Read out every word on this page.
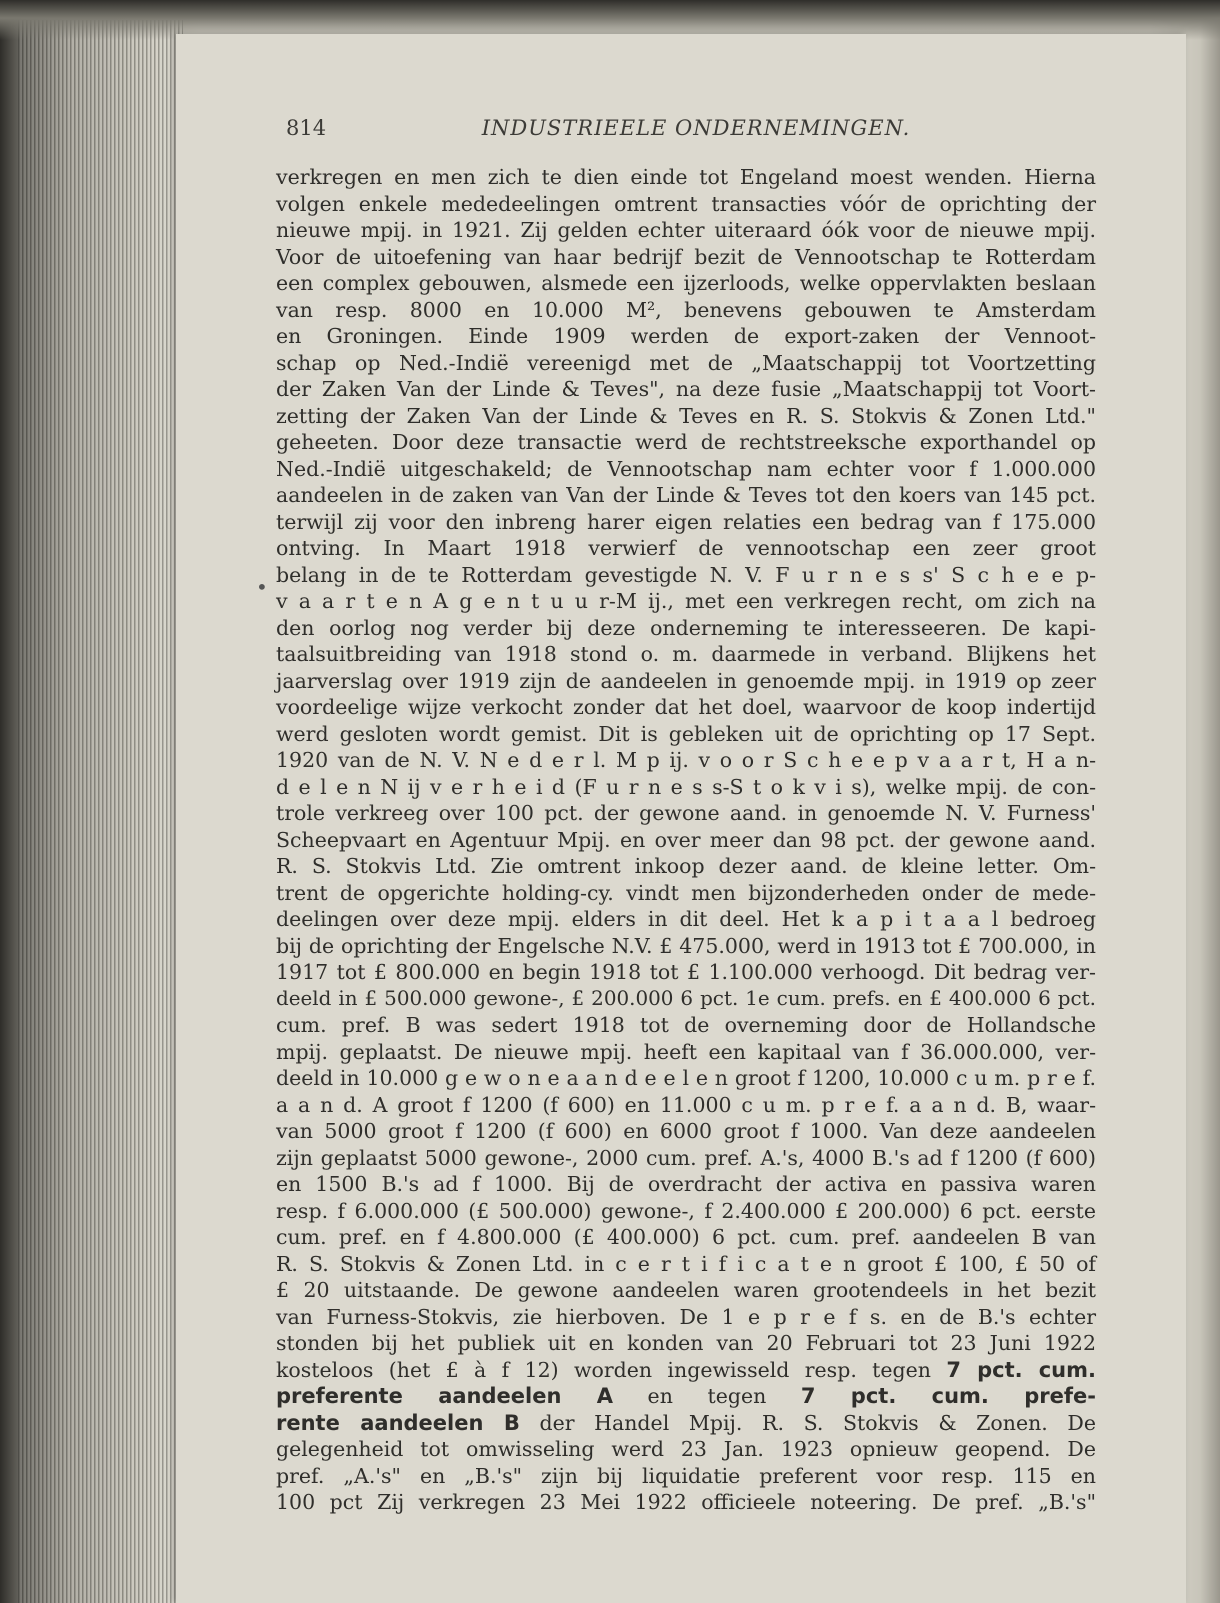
814	INDUSTRIEELE ONDERNEMINGEN.
•
verkregen en men zich te dien einde tot Engeland moest wenden. Hierna
volgen enkele mededeelingen omtrent transacties vóór de oprichting der
nieuwe mpij. in 1921. Zij gelden echter uiteraard óók voor de nieuwe mpij.
Voor de uitoefening van haar bedrijf bezit de Vennootschap te Rotterdam
een complex gebouwen, alsmede een ijzerloods, welke oppervlakten beslaan
van resp. 8000 en 10.000 M², benevens gebouwen te Amsterdam
en Groningen. Einde 1909 werden de export-zaken der Vennoot-
schap op Ned.-Indië vereenigd met de „Maatschappij tot Voortzetting
der Zaken Van der Linde & Teves", na deze fusie „Maatschappij tot Voort-
zetting der Zaken Van der Linde & Teves en R. S. Stokvis & Zonen Ltd."
geheeten. Door deze transactie werd de rechtstreeksche exporthandel op
Ned.-Indië uitgeschakeld; de Vennootschap nam echter voor f 1.000.000
aandeelen in de zaken van Van der Linde & Teves tot den koers van 145 pct.
terwijl zij voor den inbreng harer eigen relaties een bedrag van f 175.000
ontving. In Maart 1918 verwierf de vennootschap een zeer groot
belang in de te Rotterdam gevestigde N. V. F u r n e s s' S c h e e p-
v a a r t e n A g e n t u u r-M ij., met een verkregen recht, om zich na
den oorlog nog verder bij deze onderneming te interesseeren. De kapi-
taalsuitbreiding van 1918 stond o. m. daarmede in verband. Blijkens het
jaarverslag over 1919 zijn de aandeelen in genoemde mpij. in 1919 op zeer
voordeelige wijze verkocht zonder dat het doel, waarvoor de koop indertijd
werd gesloten wordt gemist. Dit is gebleken uit de oprichting op 17 Sept.
1920 van de N. V. N e d e r l. M p ij. v o o r S c h e e p v a a r t, H a n-
d e l e n N ij v e r h e i d (F u r n e s s-S t o k v i s), welke mpij. de con-
trole verkreeg over 100 pct. der gewone aand. in genoemde N. V. Furness'
Scheepvaart en Agentuur Mpij. en over meer dan 98 pct. der gewone aand.
R. S. Stokvis Ltd. Zie omtrent inkoop dezer aand. de kleine letter. Om-
trent de opgerichte holding-cy. vindt men bijzonderheden onder de mede-
deelingen over deze mpij. elders in dit deel. Het k a p i t a a l bedroeg
bij de oprichting der Engelsche N.V. £ 475.000, werd in 1913 tot £ 700.000, in
1917 tot £ 800.000 en begin 1918 tot £ 1.100.000 verhoogd. Dit bedrag ver-
deeld in £ 500.000 gewone-, £ 200.000 6 pct. 1e cum. prefs. en £ 400.000 6 pct.
cum. pref. B was sedert 1918 tot de overneming door de Hollandsche
mpij. geplaatst. De nieuwe mpij. heeft een kapitaal van f 36.000.000, ver-
deeld in 10.000 g e w o n e a a n d e e l e n groot f 1200, 10.000 c u m. p r e f.
a a n d. A groot f 1200 (f 600) en 11.000 c u m. p r e f. a a n d. B, waar-
van 5000 groot f 1200 (f 600) en 6000 groot f 1000. Van deze aandeelen
zijn geplaatst 5000 gewone-, 2000 cum. pref. A.'s, 4000 B.'s ad f 1200 (f 600)
en 1500 B.'s ad f 1000. Bij de overdracht der activa en passiva waren
resp. f 6.000.000 (£ 500.000) gewone-, f 2.400.000 £ 200.000) 6 pct. eerste
cum. pref. en f 4.800.000 (£ 400.000) 6 pct. cum. pref. aandeelen B van
R. S. Stokvis & Zonen Ltd. in c e r t i f i c a t e n groot £ 100, £ 50 of
£ 20 uitstaande. De gewone aandeelen waren grootendeels in het bezit
van Furness-Stokvis, zie hierboven. De 1 e p r e f s. en de B.'s echter
stonden bij het publiek uit en konden van 20 Februari tot 23 Juni 1922
kosteloos (het £ à f 12) worden ingewisseld resp. tegen 7 pct. cum.
preferente aandeelen A en tegen 7 pct. cum. prefe-
rente aandeelen B der Handel Mpij. R. S. Stokvis & Zonen. De
gelegenheid tot omwisseling werd 23 Jan. 1923 opnieuw geopend. De
pref. „A.'s" en „B.'s" zijn bij liquidatie preferent voor resp. 115 en
100 pct Zij verkregen 23 Mei 1922 officieele noteering. De pref. „B.'s"
